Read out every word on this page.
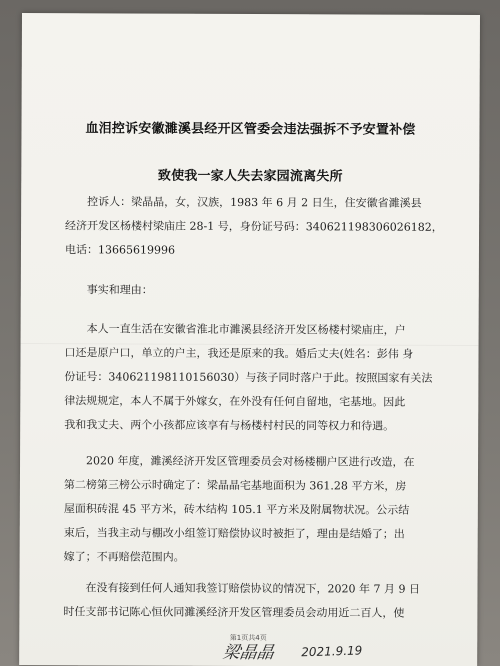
血泪控诉安徽濉溪县经开区管委会违法强拆不予安置补偿
致使我一家人失去家园流离失所
控诉人：梁晶晶，女，汉族，1983 年 6 月 2 日生，住安徽省濉溪县
经济开发区杨楼村梁庙庄 28-1 号，身份证号码：340621198306026182，
电话：13665619996
事实和理由：
本人一直生活在安徽省淮北市濉溪县经济开发区杨楼村梁庙庄，户
口还是原户口，单立的户主，我还是原来的我。婚后丈夫(姓名：彭伟 身
份证号：340621198110156030）与孩子同时落户于此。按照国家有关法
律法规规定，本人不属于外嫁女，在外没有任何自留地，宅基地。因此
我和我丈夫、两个小孩都应该享有与杨楼村村民的同等权力和待遇。
2020 年度，濉溪经济开发区管理委员会对杨楼棚户区进行改造，在
第二榜第三榜公示时确定了：梁晶晶宅基地面积为 361.28 平方米，房
屋面积砖混 45 平方米，砖木结构 105.1 平方米及附属物状况。公示结
束后，当我主动与棚改小组签订赔偿协议时被拒了，理由是结婚了；出
嫁了；不再赔偿范围内。
在没有接到任何人通知我签订赔偿协议的情况下，2020 年 7 月 9 日
时任支部书记陈心恒伙同濉溪经济开发区管理委员会动用近二百人，使
第1页共4页
梁晶晶 2021.9.19
